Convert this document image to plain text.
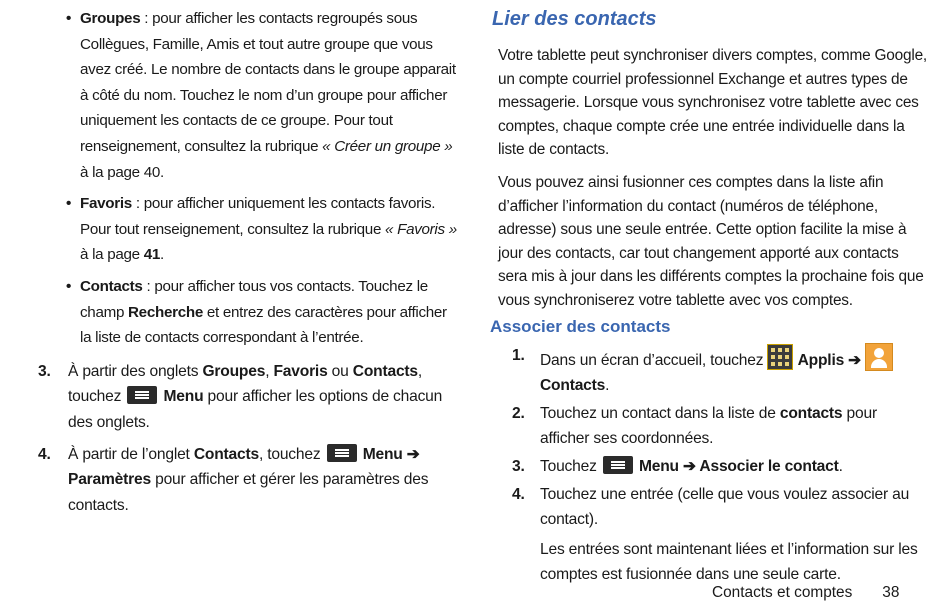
• Groupes : pour afficher les contacts regroupés sous Collègues, Famille, Amis et tout autre groupe que vous avez créé. Le nombre de contacts dans le groupe apparait à côté du nom. Touchez le nom d’un groupe pour afficher uniquement les contacts de ce groupe. Pour tout renseignement, consultez la rubrique « Créer un groupe » à la page 40.
• Favoris : pour afficher uniquement les contacts favoris. Pour tout renseignement, consultez la rubrique « Favoris » à la page 41.
• Contacts : pour afficher tous vos contacts. Touchez le champ Recherche et entrez des caractères pour afficher la liste de contacts correspondant à l’entrée.
3. À partir des onglets Groupes, Favoris ou Contacts, touchez
Menu pour afficher les options de chacun des onglets.
4. À partir de l’onglet Contacts, touchez
Menu ➔ Paramètres pour afficher et gérer les paramètres des contacts.
Lier des contacts
Votre tablette peut synchroniser divers comptes, comme Google, un compte courriel professionnel Exchange et autres types de messagerie. Lorsque vous synchronisez votre tablette avec ces comptes, chaque compte crée une entrée individuelle dans la liste de contacts.
Vous pouvez ainsi fusionner ces comptes dans la liste afin d’afficher l’information du contact (numéros de téléphone, adresse) sous une seule entrée. Cette option facilite la mise à jour des contacts, car tout changement apporté aux contacts sera mis à jour dans les différents comptes la prochaine fois que vous synchroniserez votre tablette avec vos comptes.
Associer des contacts
1. Dans un écran d’accueil, touchez
Applis ➔

Contacts.
2. Touchez un contact dans la liste de contacts pour afficher ses coordonnées.
3. Touchez
Menu ➔ Associer le contact.
4. Touchez une entrée (celle que vous voulez associer au contact).
Les entrées sont maintenant liées et l’information sur les comptes est fusionnée dans une seule carte.
Contacts et comptes 38
